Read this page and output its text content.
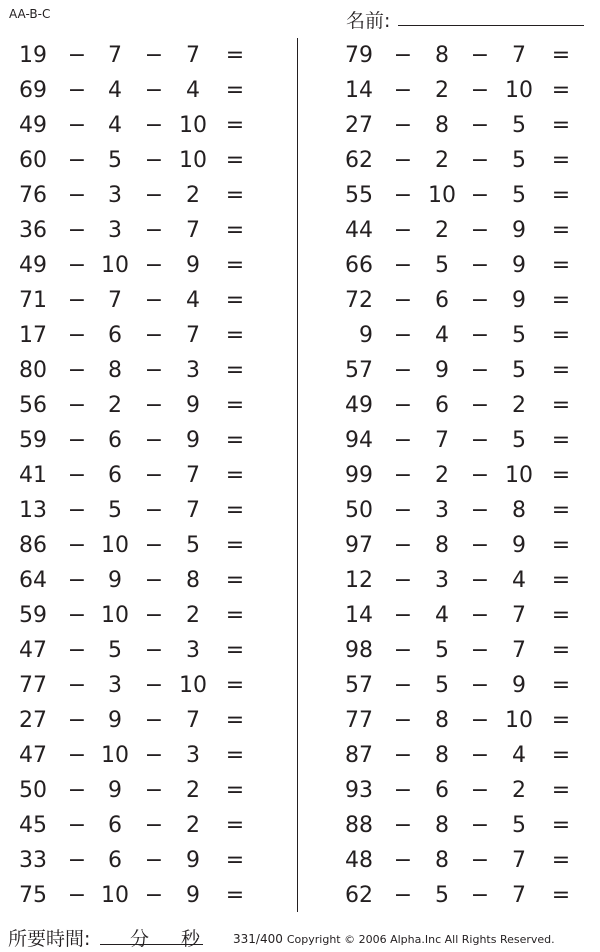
AA-B-C	名前:
19 − 7	−	7	=
69 − 4	−	4	=
49 − 4	− 10 =
60 − 5	− 10 =
76 − 3	−	2	=
36 − 3	−	7	=
49 − 10 −	9	=
71 − 7	−	4	=
17 − 6	−	7	=
80 − 8	−	3	=
56 − 2	−	9	=
59 − 6	−	9	=
41 − 6	−	7	=
13 − 5	−	7	=
86 − 10 −	5	=
64 − 9	−	8	=
59 − 10 −	2	=
47 − 5	−	3	=
77 − 3	− 10 =
27 − 9	−	7	=
47 − 10 −	3	=
50 − 9	−	2	=
45 − 6	−	2	=
33 − 6	−	9	=
75 − 10 −	9	=
79 −	8 −	7	=
14 −	2 − 10 =
27 −	8 −	5	=
62 −	2 −	5	=
55 − 10 −	5	=
44 −	2 −	9	=
66 −	5 −	9	=
72 −	6 −	9	=
9 −	4 −	5	=
57 −	9 −	5	=
49 −	6 −	2	=
94 −	7 −	5	=
99 −	2 − 10 =
50 −	3 −	8	=
97 −	8 −	9	=
12 −	3 −	4	=
14 −	4 −	7	=
98 −	5 −	7	=
57 −	5 −	9	=
77 −	8 − 10 =
87 −	8 −	4	=
93 −	6 −	2	=
88 −	8 −	5	=
48 −	8 −	7	=
62 −	5 −	7	=
所要時間: 分 秒	331/400 Copyright © 2006 Alpha.Inc All Rights Reserved.
